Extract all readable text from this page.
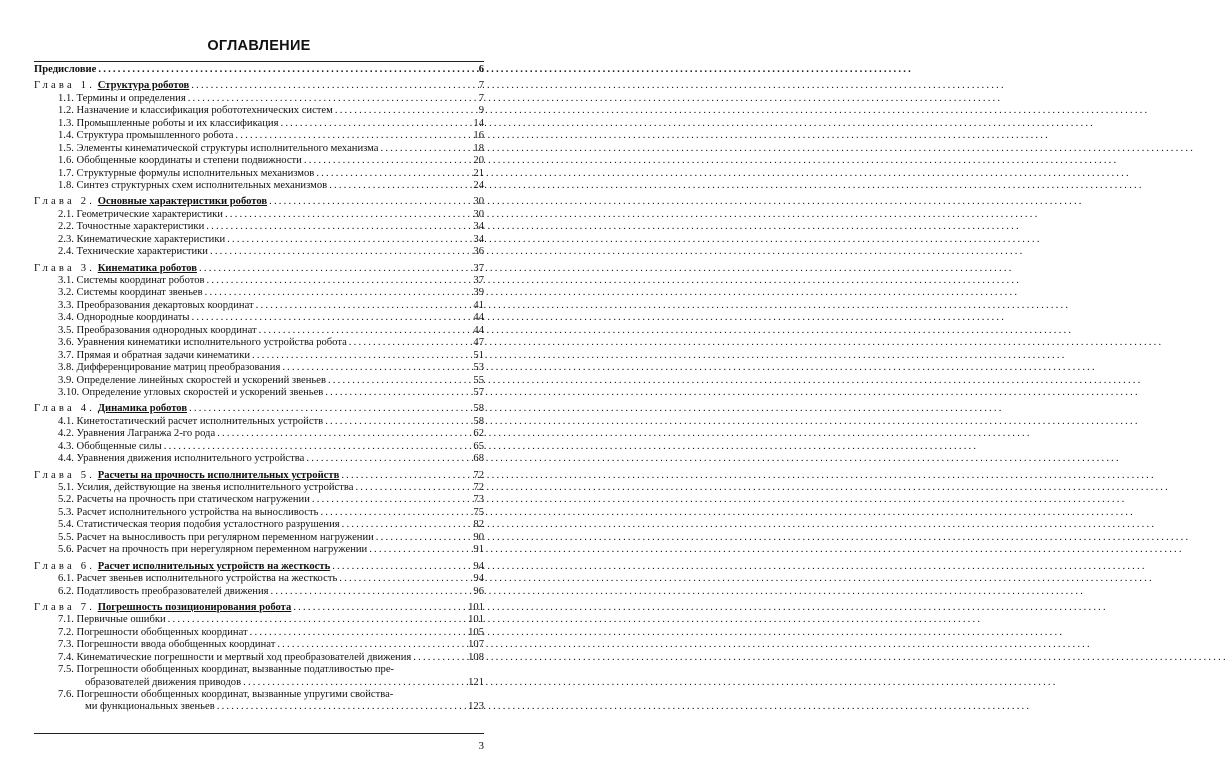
ОГЛАВЛЕНИЕ
Предисловие .....	6
Глава 1. Структура роботов .....	7
1.1. Термины и определения .....	7
1.2. Назначение и классификация робототехнических систем .....	9
1.3. Промышленные роботы и их классификация .....	14
1.4. Структура промышленного робота .....	16
1.5. Элементы кинематической структуры исполнительного механизма .....	18
1.6. Обобщенные координаты и степени подвижности .....	20
1.7. Структурные формулы исполнительных механизмов .....	21
1.8. Синтез структурных схем исполнительных механизмов .....	24
Глава 2. Основные характеристики роботов .....	30
2.1. Геометрические характеристики .....	30
2.2. Точностные характеристики .....	34
2.3. Кинематические характеристики .....	34
2.4. Технические характеристики .....	36
Глава 3. Кинематика роботов .....	37
3.1. Системы координат роботов .....	37
3.2. Системы координат звеньев .....	39
3.3. Преобразования декартовых координат .....	41
3.4. Однородные координаты .....	44
3.5. Преобразования однородных координат .....	44
3.6. Уравнения кинематики исполнительного устройства робота .....	47
3.7. Прямая и обратная задачи кинематики .....	51
3.8. Дифференцирование матриц преобразования .....	53
3.9. Определение линейных скоростей и ускорений звеньев .....	55
3.10. Определение угловых скоростей и ускорений звеньев .....	57
Глава 4. Динамика роботов .....	58
4.1. Кинетостатический расчет исполнительных устройств .....	58
4.2. Уравнения Лагранжа 2-го рода .....	62
4.3. Обобщенные силы .....	65
4.4. Уравнения движения исполнительного устройства .....	68
Глава 5. Расчеты на прочность исполнительных устройств .....	72
5.1. Усилия, действующие на звенья исполнительного устройства .....	72
5.2. Расчеты на прочность при статическом нагружении .....	73
5.3. Расчет исполнительного устройства на выносливость .....	75
5.4. Статистическая теория подобия усталостного разрушения .....	82
5.5. Расчет на выносливость при регулярном переменном нагружении .....	90
5.6. Расчет на прочность при нерегулярном переменном нагружении .....	91
Глава 6. Расчет исполнительных устройств на жесткость .....	94
6.1. Расчет звеньев исполнительного устройства на жесткость .....	94
6.2. Податливость преобразователей движения .....	96
Глава 7. Погрешность позиционирования робота .....	101
7.1. Первичные ошибки .....	101
7.2. Погрешности обобщенных координат .....	105
7.3. Погрешности ввода обобщенных координат .....	107
7.4. Кинематические погрешности и мертвый ход преобразователей движения .....	108
7.5. Погрешности обобщенных координат, вызванные податливостью пре-
образователей движения приводов .....	121
7.6. Погрешности обобщенных координат, вызванные упругими свойства-
ми функциональных звеньев .....	123
3
